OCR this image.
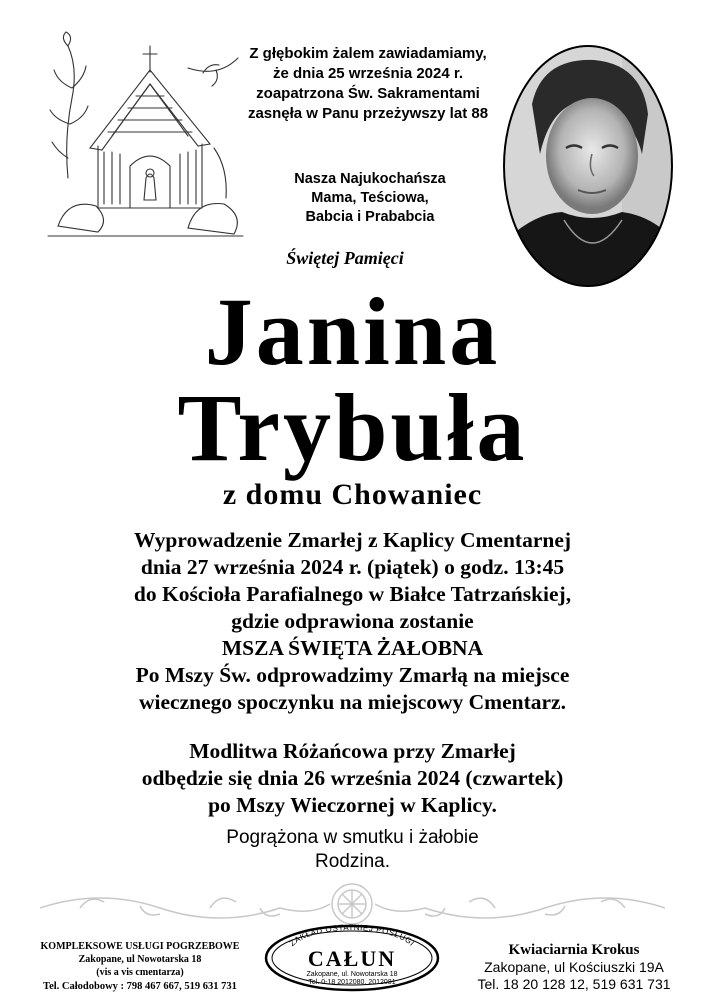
Z głębokim żalem zawiadamiamy,
że dnia 25 września 2024 r.
zoapatrzona Św. Sakramentami
zasnęła w Panu przeżywszy lat 88
Nasza Najukochańsza
Mama, Teściowa,
Babcia i Prababcia
Świętej Pamięci
Janina
Trybuła
z domu Chowaniec
Wyprowadzenie Zmarłej z Kaplicy Cmentarnej
dnia 27 września 2024 r. (piątek) o godz. 13:45
do Kościoła Parafialnego w Białce Tatrzańskiej,
gdzie odprawiona zostanie
MSZA ŚWIĘTA ŻAŁOBNA
Po Mszy Św. odprowadzimy Zmarłą na miejsce
wiecznego spoczynku na miejscowy Cmentarz.
Modlitwa Różańcowa przy Zmarłej
odbędzie się dnia 26 września 2024 (czwartek)
po Mszy Wieczornej w Kaplicy.
Pogrążona w smutku i żałobie
Rodzina.
KOMPLEKSOWE USŁUGI POGRZEBOWE
Zakopane, ul Nowotarska 18
(vis a vis cmentarza)
Tel. Całodobowy : 798 467 667, 519 631 731
ZAKŁAD OSTATNIEJ POSŁUGI
CAŁUN
Zakopane, ul. Nowotarska 18
Tel. 0-18 2012080, 2012081
Kwiaciarnia Krokus
Zakopane, ul Kościuszki 19A
Tel. 18 20 128 12, 519 631 731
